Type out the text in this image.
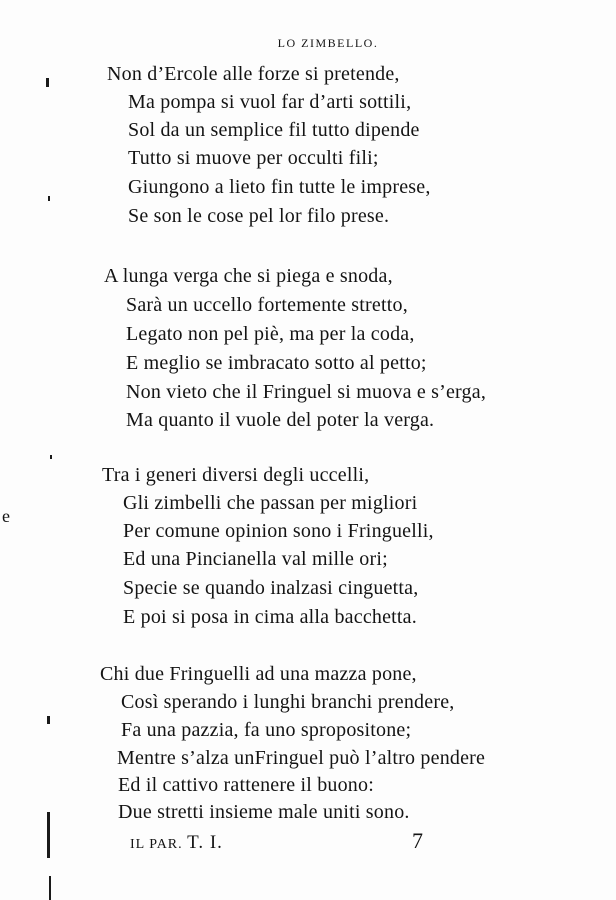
LO ZIMBELLO.
e
Non d’Ercole alle forze si pretende,
Ma pompa si vuol far d’arti sottili,
Sol da un semplice fil tutto dipende
Tutto si muove per occulti fili;
Giungono a lieto fin tutte le imprese,
Se son le cose pel lor filo prese.
A lunga verga che si piega e snoda,
Sarà un uccello fortemente stretto,
Legato non pel piè, ma per la coda,
E meglio se imbracato sotto al petto;
Non vieto che il Fringuel si muova e s’erga,
Ma quanto il vuole del poter la verga.
Tra i generi diversi degli uccelli,
Gli zimbelli che passan per migliori
Per comune opinion sono i Fringuelli,
Ed una Pincianella val mille ori;
Specie se quando inalzasi cinguetta,
E poi si posa in cima alla bacchetta.
Chi due Fringuelli ad una mazza pone,
Così sperando i lunghi branchi prendere,
Fa una pazzia, fa uno spropositone;
Mentre s’alza unFringuel può l’altro pendere
Ed il cattivo rattenere il buono:
Due stretti insieme male uniti sono.
IL PAR. T. I.	7
